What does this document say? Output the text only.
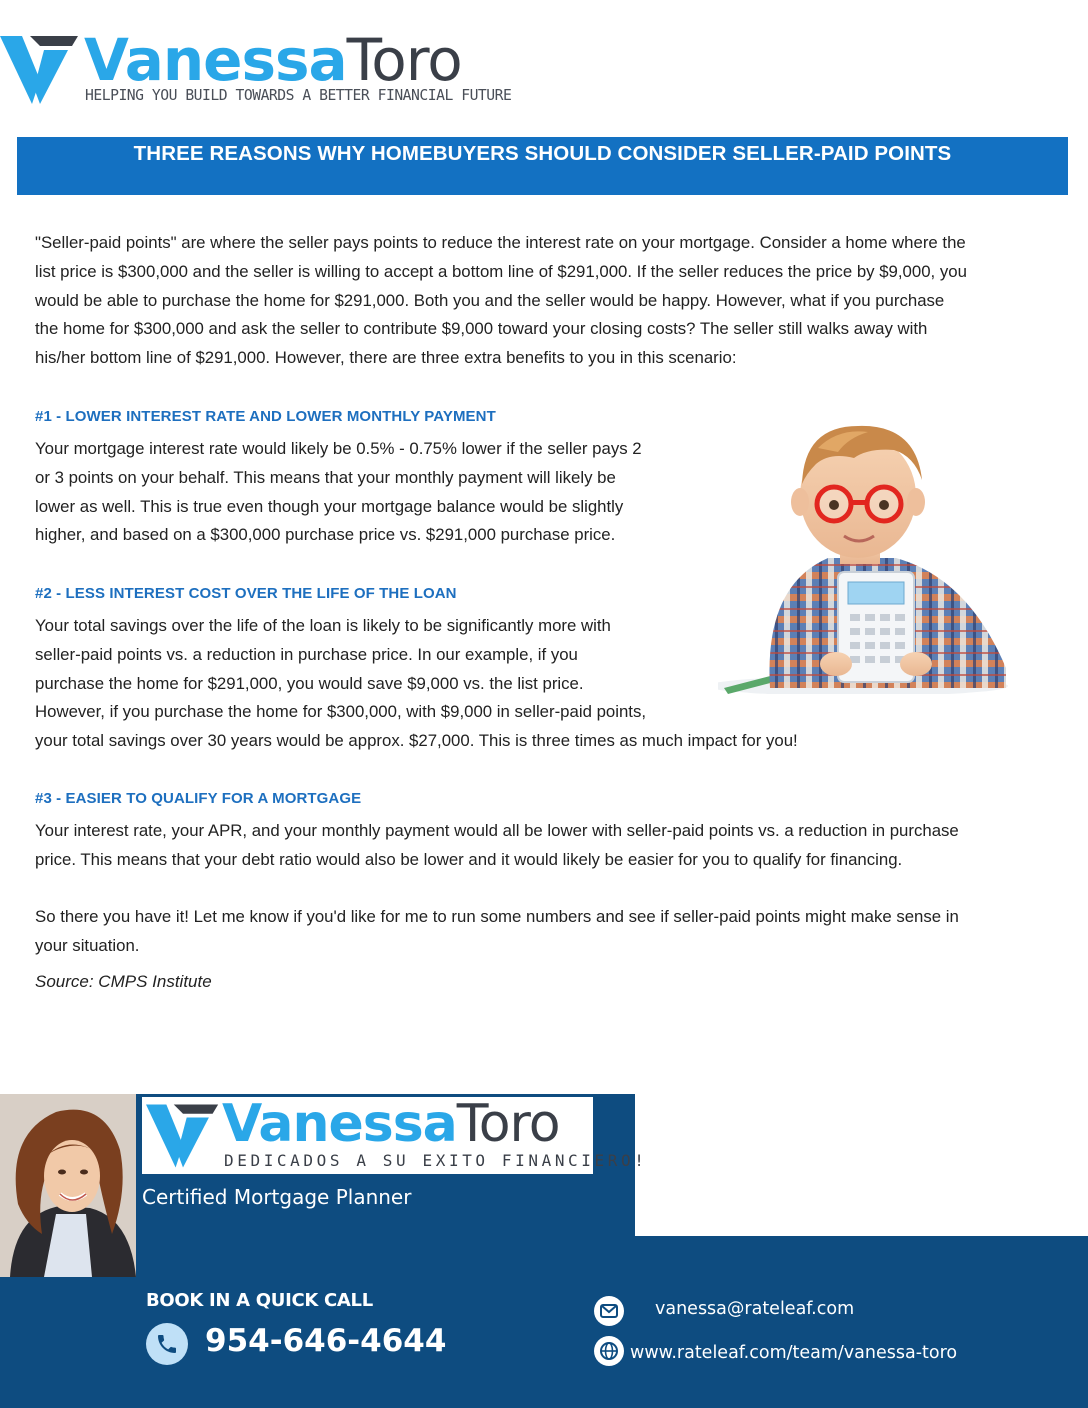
VanessaToro
HELPING YOU BUILD TOWARDS A BETTER FINANCIAL FUTURE
THREE REASONS WHY HOMEBUYERS SHOULD CONSIDER SELLER-PAID POINTS
"Seller-paid points" are where the seller pays points to reduce the interest rate on your mortgage. Consider a home where the
list price is $300,000 and the seller is willing to accept a bottom line of $291,000. If the seller reduces the price by $9,000, you
would be able to purchase the home for $291,000. Both you and the seller would be happy. However, what if you purchase
the home for $300,000 and ask the seller to contribute $9,000 toward your closing costs? The seller still walks away with
his/her bottom line of $291,000. However, there are three extra benefits to you in this scenario:
#1 - LOWER INTEREST RATE AND LOWER MONTHLY PAYMENT
Your mortgage interest rate would likely be 0.5% - 0.75% lower if the seller pays 2
or 3 points on your behalf. This means that your monthly payment will likely be
lower as well. This is true even though your mortgage balance would be slightly
higher, and based on a $300,000 purchase price vs. $291,000 purchase price.
#2 - LESS INTEREST COST OVER THE LIFE OF THE LOAN
Your total savings over the life of the loan is likely to be significantly more with
seller-paid points vs. a reduction in purchase price. In our example, if you
purchase the home for $291,000, you would save $9,000 vs. the list price.
However, if you purchase the home for $300,000, with $9,000 in seller-paid points,
your total savings over 30 years would be approx. $27,000. This is three times as much impact for you!
#3 - EASIER TO QUALIFY FOR A MORTGAGE
Your interest rate, your APR, and your monthly payment would all be lower with seller-paid points vs. a reduction in purchase
price. This means that your debt ratio would also be lower and it would likely be easier for you to qualify for financing.
So there you have it! Let me know if you'd like for me to run some numbers and see if seller-paid points might make sense in
your situation.
Source: CMPS Institute
VanessaToro
DEDICADOS A SU EXITO FINANCIERO!
Certified Mortgage Planner
BOOK IN A QUICK CALL
954-646-4644
vanessa@rateleaf.com
www.rateleaf.com/team/vanessa-toro
